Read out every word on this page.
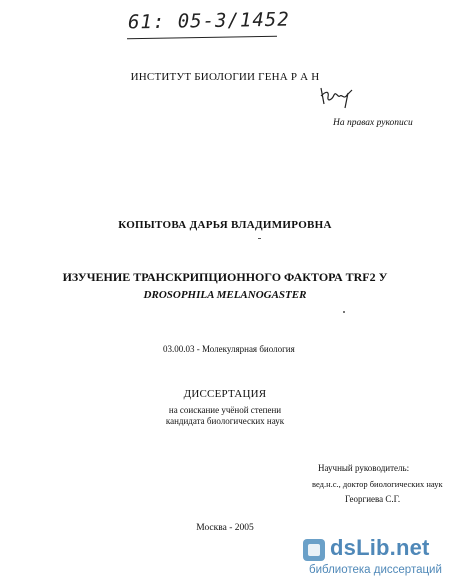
61: 05-3/1452
ИНСТИТУТ БИОЛОГИИ ГЕНА Р А Н
На правах рукописи
КОПЫТОВА ДАРЬЯ ВЛАДИМИРОВНА
ИЗУЧЕНИЕ ТРАНСКРИПЦИОННОГО ФАКТОРА TRF2 У
DROSOPHILA MELANOGASTER
03.00.03 - Молекулярная биология
ДИССЕРТАЦИЯ
на соискание учёной степени
кандидата биологических наук
Научный руководитель:
вед.н.с., доктор биологических наук
Георгиева С.Г.
Москва - 2005
dsLib.net
библиотека диссертаций
